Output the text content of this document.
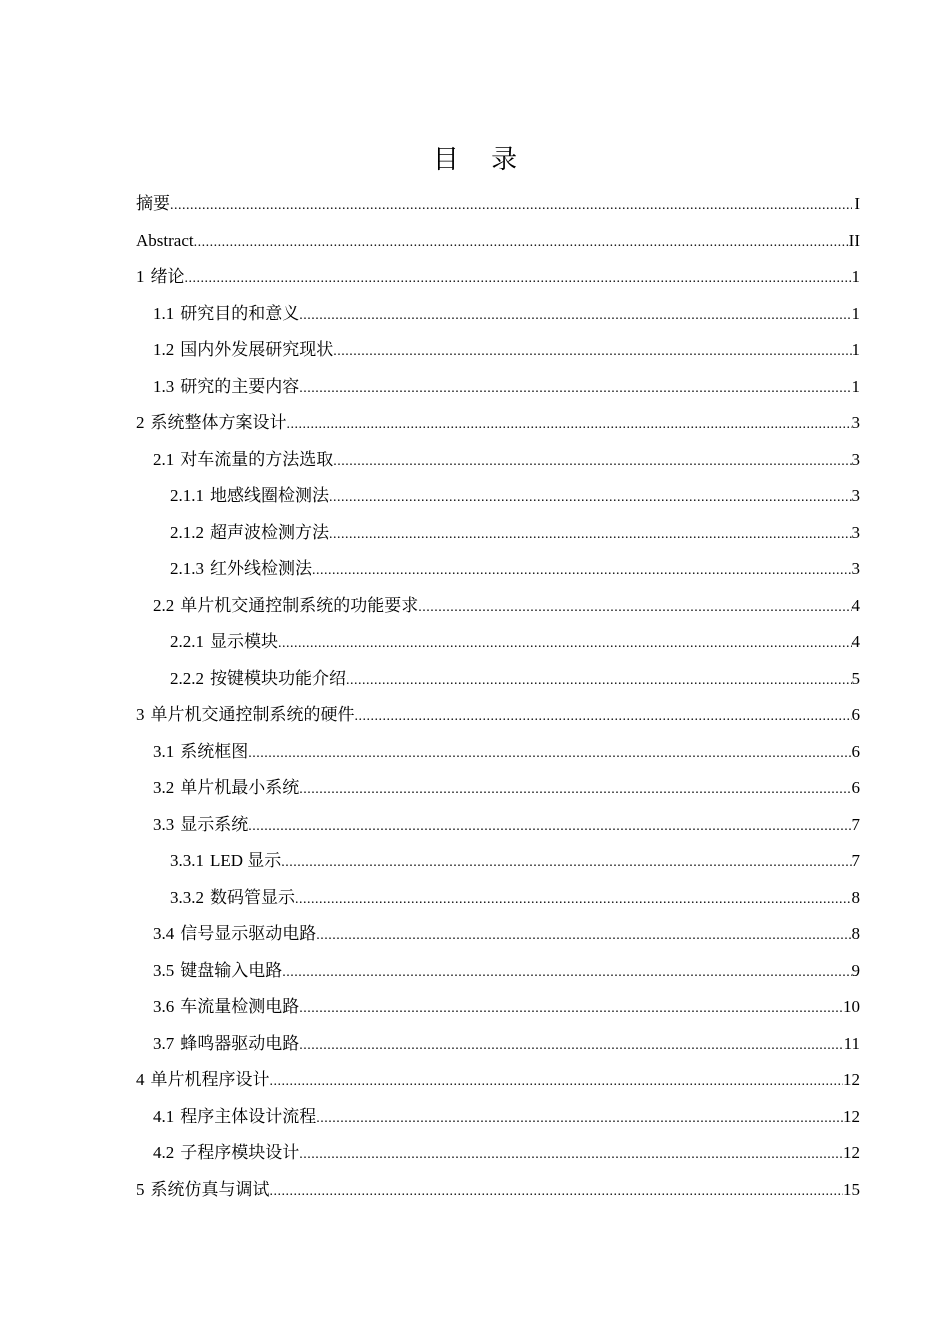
目 录
摘要 .....	I
Abstract .....	II
1 绪论 .....	1
1.1 研究目的和意义 .....	1
1.2 国内外发展研究现状 .....	1
1.3 研究的主要内容 .....	1
2 系统整体方案设计 .....	3
2.1 对车流量的方法选取 .....	3
2.1.1 地感线圈检测法 .....	3
2.1.2 超声波检测方法 .....	3
2.1.3 红外线检测法 .....	3
2.2 单片机交通控制系统的功能要求 .....	4
2.2.1 显示模块 .....	4
2.2.2 按键模块功能介绍 .....	5
3 单片机交通控制系统的硬件 .....	6
3.1 系统框图 .....	6
3.2 单片机最小系统 .....	6
3.3 显示系统 .....	7
3.3.1 LED 显示 .....	7
3.3.2 数码管显示 .....	8
3.4 信号显示驱动电路 .....	8
3.5 键盘输入电路 .....	9
3.6 车流量检测电路 .....	10
3.7 蜂鸣器驱动电路 .....	11
4 单片机程序设计 .....	12
4.1 程序主体设计流程 .....	12
4.2 子程序模块设计 .....	12
5 系统仿真与调试 .....	15
